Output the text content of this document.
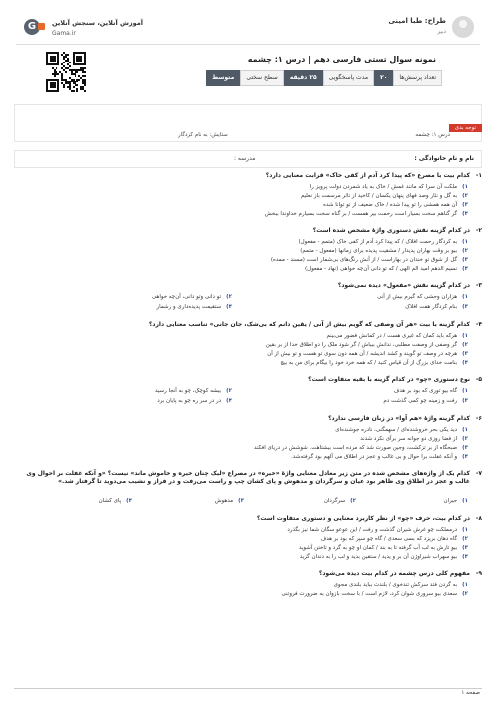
طراح: طبا امینی
دبیر
G	آموزش آنلاین، سنجش آنلاین
Gama.ir
نمونه سوال تستی فارسی دهم | درس ۱: چشمه
تعداد پرسش‌ها
۲۰
مدت پاسخگویی
۲۵ دقیقه
سطح سختی
متوسط
توجه بدی
درس ۱: چشمه
ستایش: به نام کردگار
نام و نام خانوادگی :
مدرسه :
۱-
کدام بیت با مصرع «که پیدا کرد آدم از کفی خاک» قرابت معنایی دارد؟
۱)ملکت آن سرا که مانند غمش / خاک به یاد شمردن دولت پرویز را
۲)به گل و نثار وصد فهای پنهان یکسان / کاخید از تاثر مرسمت باز نعلیم
۳)آن همه همشی را تو پیدا شده / خاک ضعیف از تو توانا شده
۴)گر گناهم سخت بسیار است رحمت بیر همست / بر گناه سخت بسیارم خداوندا ببخش
۲-
در کدام گزینه نقش دستوری واژهٔ مشخص شده است؟
۱)به کردگار رحمت افلاک / که پیدا کرد آدم از کفی خاک (متمم - مفعول)
۲)بیو بر وقت بهاران پدیدار / مشقیت پدیده برای زمانها (مفعول - متمم)
۳)گل از شوق تو خندان در بهاراست / از آنش رنگ‌های بی‌شمار است (مسند - ممده)
۴)نسیم الدهم امید الم الهی / که تو دانی آن‌چه خواهی (نهاد - مفعول)
۳-
در کدام گزینه نقش «مفعول» دیده نمی‌شود؟
۱)هزاران وحشی که گیرم بیش از آنی
۲)تو دانی وتو دانی، آن‌چه خواهی
۳)بنام کردگار هفت افلاک
۴)ستقیمت پدیده‌داری و رشمار
۴-
کدام گزینه با بیت «هر آن وصفی که گویم بیش از آنی / یقین دانم که بی‌شک، جان جانی» تناسب معنایی دارد؟
۱)هرکه باید کمان که غیری هست / در کمانش فضور می‌بینم
۲)گر وصفی از وصفت مطلبی، ندانش ببیاش / گر شود ملک را دو اطلاق خدا از بر بقین
۳)هرچه در وصف تو گویند و کشد اندیشه / آن همه دون سوی تو هست و تو بیش از آن
۴)بنامت خدای بزرگ از آن قیاس کنید / که همه خرد خود را بیگام برای من به بیچ
۵-
نوع دستوری «چو» در کدام گزینه با بقیه متفاوت است؟
۱)گاه بیو توری که بود بر هدف
۲)بیشه کوچک، چو به آنجا رسید
۳)رفت و زمینه چو کمی گذشت دم
۴)در در سر ره چو به پایان برد
۶-
کدام گزینه واژهٔ «هم آوا» در زبان فارسی ندارد؟
۱)دید یکی بحر خروشنده‌ای / سهمگنی، نادره جوشنده‌ای
۲)از فضا روزی دو جوانه سر برآی نکرد شدند
۳)صبحگاه از بر تزکشت، وجین صورت شد که مرده است بیشتاهت. شوشش در دریای افکند
۴)و آنکه غفلت برا حوال و بی غالب و عجز در اطلاق می آلهم بود گرفته‌شد.
۷-
کدام یک از واژه‌های مشخص شده در متن زیر معادل معنایی واژهٔ «خیره» در مصراع «لیک چنان خیره و خاموش ماند» نیست؟ «و آنکه غفلت بر احوال وی غالب و عجز در اطلاق وی ظاهر بود عیان و سرگردان و مدهوش و پای کشان چپ و راست می‌رفت و در فراز و نشیب می‌دوید تا گرفتار شد.»
۱)حیران
۲)سرگردان
۳)مدهوش
۴)پای کشان
۸-
در کدام بیت، حرف «چو» از نظر کاربرد معنایی و دستوری متفاوت است؟
۱)درمملکت چو غرش شیران گذشت و رفت / این عوعو سگان شما نیز بگذرد
۲)گاه دهان بریزد که بسی سعدی / گاه چو سپر که بود بر هدف
۳)بیو تارش به لب آب گرفته تا به بند / کمان او چو به گرد و تاختن آشوید
۴)بیو سهراب شیراوژن آن بر و یدید / ستقین بدید و لب را به دندان گزید
۹-
مفهوم کلی درس چشمه در کدام بیت دیده می‌شود؟
۱)به گردن فتد سرکش تندخوی / بلندت بباید بلندی مجوی
۲)سعدی بیو سروری شوان کرد، لازم است / با سخت بازوان به ضرورت فروتنی
صفحه ۱
